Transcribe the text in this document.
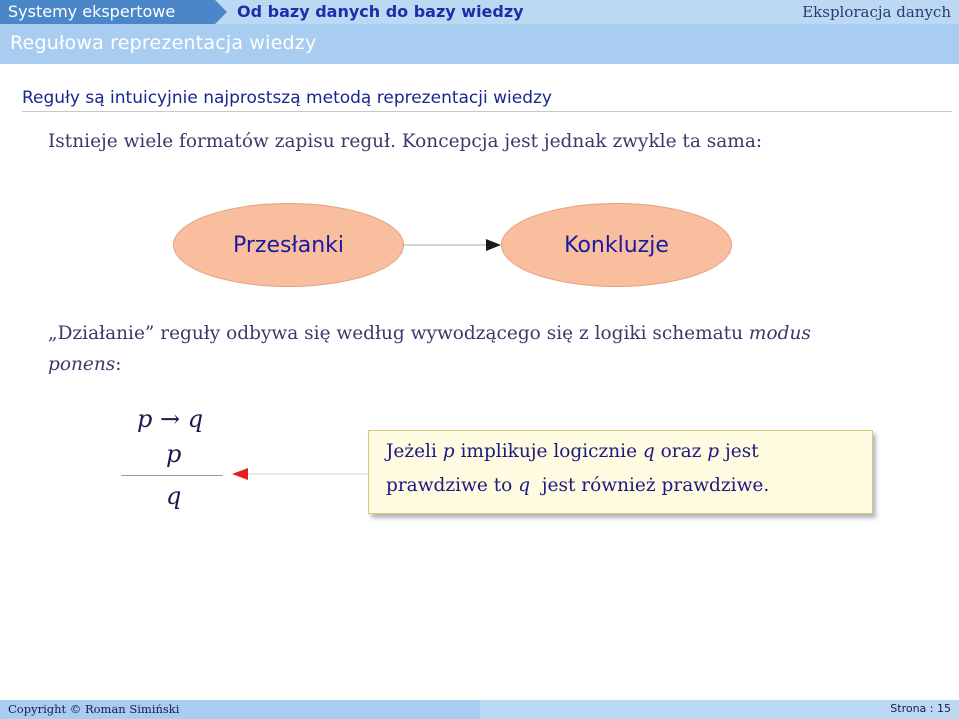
Systemy ekspertowe	Od bazy danych do bazy wiedzy	Eksploracja danych
Regułowa reprezentacja wiedzy
Reguły są intuicyjnie najprostszą metodą reprezentacji wiedzy
Istnieje wiele formatów zapisu reguł. Koncepcja jest jednak zwykle ta sama:
Przesłanki	Konkluzje
„Działanie” reguły odbywa się według wywodzącego się z logiki schematu modus
ponens:
p → q
p
q
Jeżeli p implikuje logicznie q oraz p jest
prawdziwe to q  jest również prawdziwe.
Copyright © Roman Simiński	Strona : 15
